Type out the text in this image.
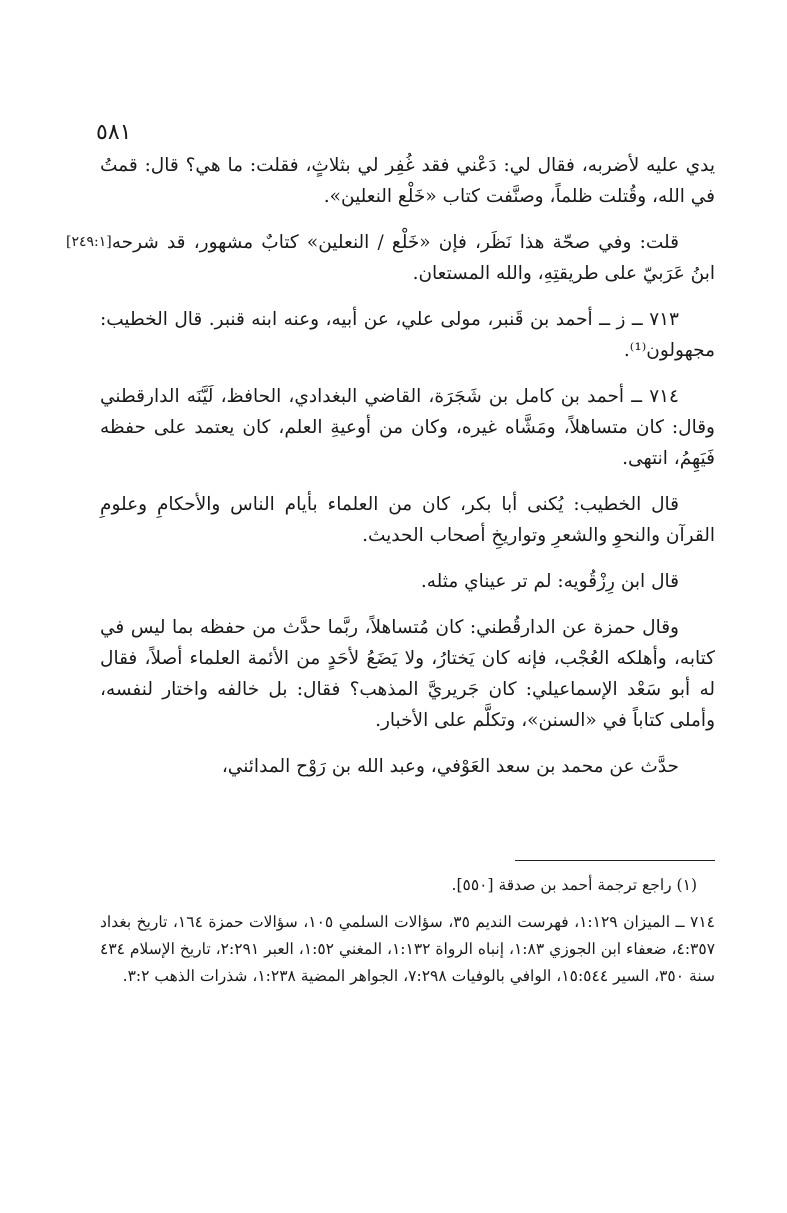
٥٨١

يدي عليه لأضربه، فقال لي: دَعْني فقد غُفِر لي بثلاثٍ، فقلت: ما هي؟ قال: قمتُ في الله، وقُتلت ظلماً، وصنَّفت كتاب «خَلْع النعلين».

[٢٤٩:١] قلت: وفي صحّة هذا نَظَر، فإن «خَلْع / النعلين» كتابٌ مشهور، قد شرحه ابنُ عَرَبيّ على طريقتِهِ، والله المستعان.

٧١٣ ــ ز ــ أحمد بن قَنبر، مولى علي، عن أبيه، وعنه ابنه قنبر. قال الخطيب: مجهولون⁽¹⁾.

٧١٤ ــ أحمد بن كامل بن شَجَرَة، القاضي البغدادي، الحافظ، لَيَّنَه الدارقطني وقال: كان متساهلاً، ومَشَّاه غيره، وكان من أوعيةِ العلم، كان يعتمد على حفظه فَيَهِمُ، انتهى.

قال الخطيب: يُكنى أبا بكر، كان من العلماء بأيام الناس والأحكامِ وعلومِ القرآن والنحوِ والشعرِ وتواريخِ أصحاب الحديث.

قال ابن رِزْقُويه: لم تر عيناي مثله.

وقال حمزة عن الدارقُطني: كان مُتساهلاً، ربَّما حدَّث من حفظه بما ليس في كتابه، وأهلكه العُجْب، فإنه كان يَختارُ، ولا يَضَعُ لأحَدٍ من الأئمة العلماء أصلاً، فقال له أبو سَعْد الإسماعيلي: كان جَريريَّ المذهب؟ فقال: بل خالفه واختار لنفسه، وأملى كتاباً في «السنن»، وتكلَّم على الأخبار.

حدَّث عن محمد بن سعد العَوْفي، وعبد الله بن رَوْح المدائني،

(١) راجع ترجمة أحمد بن صدقة [٥٥٠].

٧١٤ ــ الميزان ١:١٢٩، فهرست النديم ٣٥، سؤالات السلمي ١٠٥، سؤالات حمزة ١٦٤، تاريخ بغداد ٤:٣٥٧، ضعفاء ابن الجوزي ١:٨٣، إنباه الرواة ١:١٣٢، المغني ١:٥٢، العبر ٢:٢٩١، تاريخ الإسلام ٤٣٤ سنة ٣٥٠، السير ١٥:٥٤٤، الوافي بالوفيات ٧:٢٩٨، الجواهر المضية ١:٢٣٨، شذرات الذهب ٣:٢.
